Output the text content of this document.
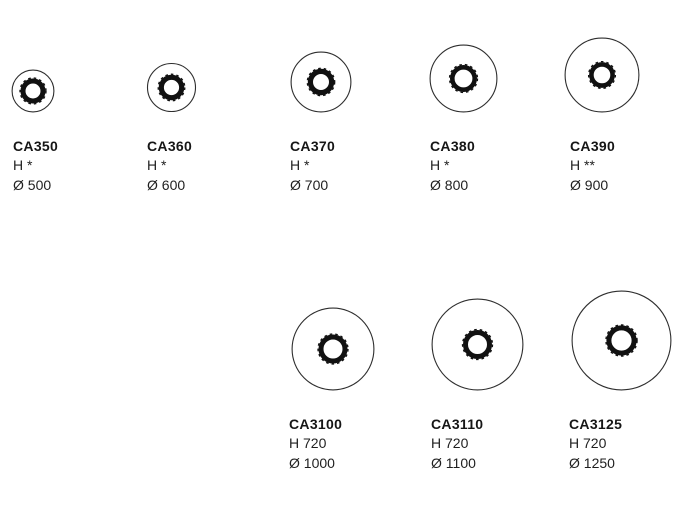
CA350
H *
Ø 500
CA360
H *
Ø 600
CA370
H *
Ø 700
CA380
H *
Ø 800
CA390
H **
Ø 900
CA3100
H 720
Ø 1000
CA3110
H 720
Ø 1100
CA3125
H 720
Ø 1250
